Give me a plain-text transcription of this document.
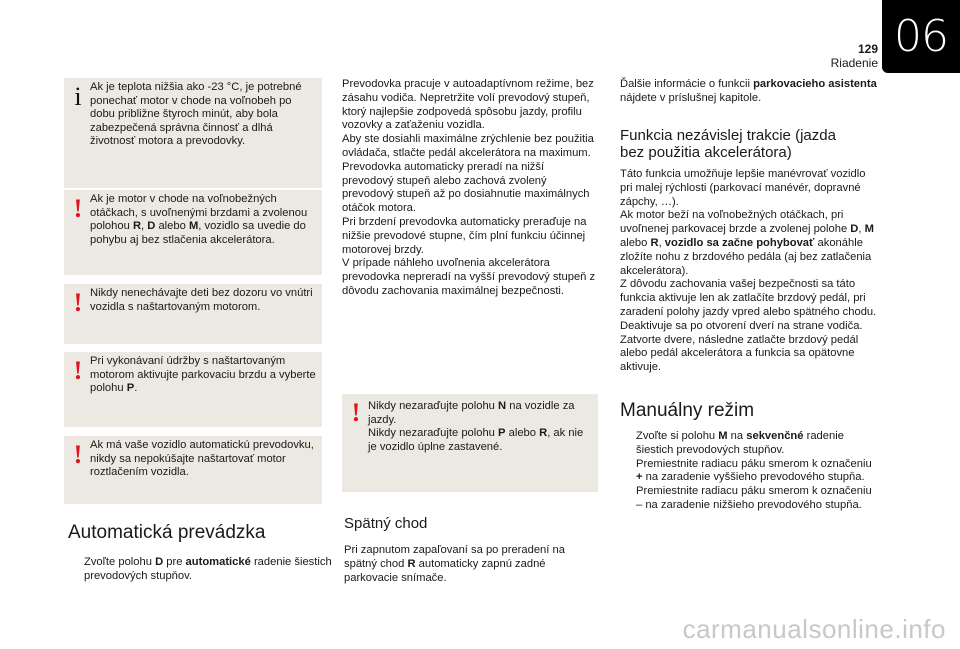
129
Riadenie
06
i Ak je teplota nižšia ako -23 °C, je potrebné ponechať motor v chode na voľnobeh po dobu približne štyroch minút, aby bola zabezpečená správna činnosť a dlhá životnosť motora a prevodovky.
! Ak je motor v chode na voľnobežných otáčkach, s uvoľnenými brzdami a zvolenou polohou R, D alebo M, vozidlo sa uvedie do pohybu aj bez stlačenia akcelerátora.
! Nikdy nenechávajte deti bez dozoru vo vnútri vozidla s naštartovaným motorom.
! Pri vykonávaní údržby s naštartovaným motorom aktivujte parkovaciu brzdu a vyberte polohu P.
! Ak má vaše vozidlo automatickú prevodovku, nikdy sa nepokúšajte naštartovať motor roztlačením vozidla.
Automatická prevádzka
Zvoľte polohu D pre automatické radenie šiestich prevodových stupňov.
Prevodovka pracuje v autoadaptívnom režime, bez zásahu vodiča. Nepretržite volí prevodový stupeň, ktorý najlepšie zodpovedá spôsobu jazdy, profilu vozovky a zaťaženiu vozidla.
Aby ste dosiahli maximálne zrýchlenie bez použitia ovládača, stlačte pedál akcelerátora na maximum. Prevodovka automaticky preradí na nižší prevodový stupeň alebo zachová zvolený prevodový stupeň až po dosiahnutie maximálnych otáčok motora.
Pri brzdení prevodovka automaticky preraďuje na nižšie prevodové stupne, čím plní funkciu účinnej motorovej brzdy.
V prípade náhleho uvoľnenia akcelerátora prevodovka nepreradí na vyšší prevodový stupeň z dôvodu zachovania maximálnej bezpečnosti.
! Nikdy nezaraďujte polohu N na vozidle za jazdy.
Nikdy nezaraďujte polohu P alebo R, ak nie je vozidlo úplne zastavené.
Spätný chod
Pri zapnutom zapaľovaní sa po preradení na spätný chod R automaticky zapnú zadné parkovacie snímače.
Ďalšie informácie o funkcii parkovacieho asistenta nájdete v príslušnej kapitole.
Funkcia nezávislej trakcie (jazda bez použitia akcelerátora)
Táto funkcia umožňuje lepšie manévrovať vozidlo pri malej rýchlosti (parkovací manévér, dopravné zápchy, …).
Ak motor beží na voľnobežných otáčkach, pri uvoľnenej parkovacej brzde a zvolenej polohe D, M alebo R, vozidlo sa začne pohybovať akonáhle zložíte nohu z brzdového pedála (aj bez zatlačenia akcelerátora).
Z dôvodu zachovania vašej bezpečnosti sa táto funkcia aktivuje len ak zatlačíte brzdový pedál, pri zaradení polohy jazdy vpred alebo spätného chodu. Deaktivuje sa po otvorení dverí na strane vodiča. Zatvorte dvere, následne zatlačte brzdový pedál alebo pedál akcelerátora a funkcia sa opätovne aktivuje.
Manuálny režim
Zvoľte si polohu M na sekvenčné radenie šiestich prevodových stupňov.
Premiestnite radiacu páku smerom k označeniu + na zaradenie vyššieho prevodového stupňa.
Premiestnite radiacu páku smerom k označeniu – na zaradenie nižšieho prevodového stupňa.
carmanualsonline.info
